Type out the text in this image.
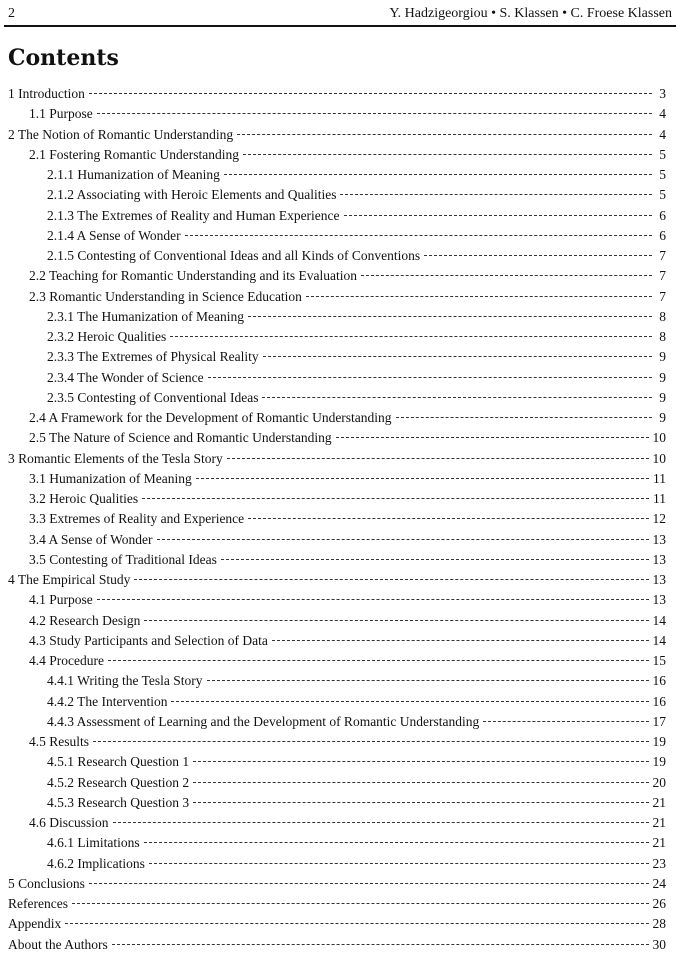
2	Y. Hadzigeorgiou • S. Klassen • C. Froese Klassen
Contents
1 Introduction	3
1.1 Purpose	4
2 The Notion of Romantic Understanding	4
2.1 Fostering Romantic Understanding	5
2.1.1 Humanization of Meaning	5
2.1.2 Associating with Heroic Elements and Qualities	5
2.1.3 The Extremes of Reality and Human Experience	6
2.1.4 A Sense of Wonder	6
2.1.5 Contesting of Conventional Ideas and all Kinds of Conventions	7
2.2 Teaching for Romantic Understanding and its Evaluation	7
2.3 Romantic Understanding in Science Education	7
2.3.1 The Humanization of Meaning	8
2.3.2 Heroic Qualities	8
2.3.3 The Extremes of Physical Reality	9
2.3.4 The Wonder of Science	9
2.3.5 Contesting of Conventional Ideas	9
2.4 A Framework for the Development of Romantic Understanding	9
2.5 The Nature of Science and Romantic Understanding	10
3 Romantic Elements of the Tesla Story	10
3.1 Humanization of Meaning	11
3.2 Heroic Qualities	11
3.3 Extremes of Reality and Experience	12
3.4 A Sense of Wonder	13
3.5 Contesting of Traditional Ideas	13
4 The Empirical Study	13
4.1 Purpose	13
4.2 Research Design	14
4.3 Study Participants and Selection of Data	14
4.4 Procedure	15
4.4.1 Writing the Tesla Story	16
4.4.2 The Intervention	16
4.4.3 Assessment of Learning and the Development of Romantic Understanding	17
4.5 Results	19
4.5.1 Research Question 1	19
4.5.2 Research Question 2	20
4.5.3 Research Question 3	21
4.6 Discussion	21
4.6.1 Limitations	21
4.6.2 Implications	23
5 Conclusions	24
References	26
Appendix	28
About the Authors	30
